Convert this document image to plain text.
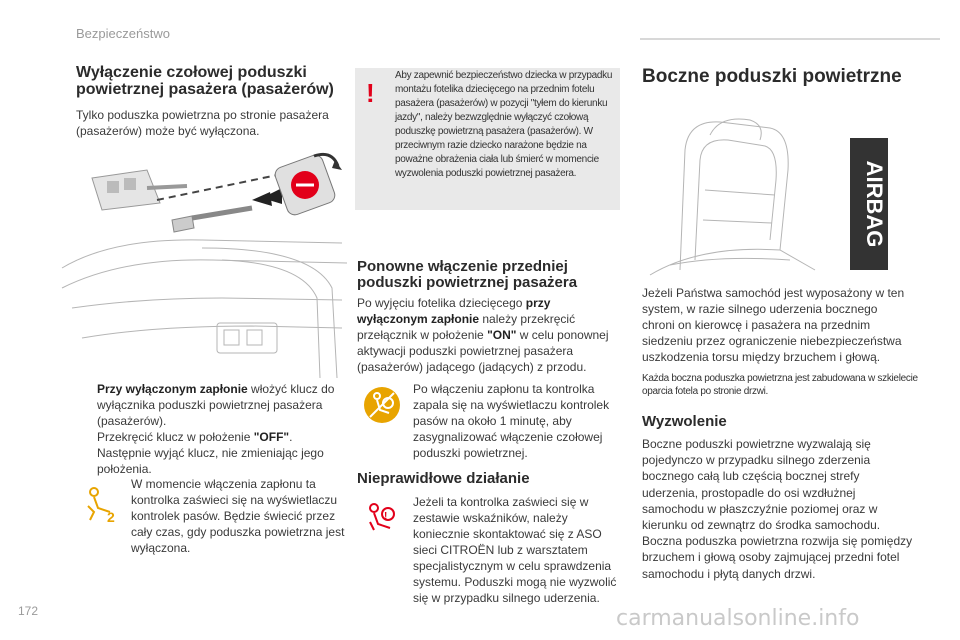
Bezpieczeństwo
Wyłączenie czołowej poduszki powietrznej pasażera (pasażerów)

Tylko poduszka powietrzna po stronie pasażera (pasażerów) może być wyłączona.

Przy wyłączonym zapłonie włożyć klucz do wyłącznika poduszki powietrznej pasażera (pasażerów).
Przekręcić klucz w położenie "OFF".
Następnie wyjąć klucz, nie zmieniając jego położenia.
2

W momencie włączenia zapłonu ta kontrolka zaświeci się na wyświetlaczu kontrolek pasów. Będzie świecić przez cały czas, gdy poduszka powietrzna jest wyłączona.

!
Aby zapewnić bezpieczeństwo dziecka w przypadku montażu fotelika dziecięcego na przednim fotelu pasażera (pasażerów) w pozycji "tyłem do kierunku jazdy", należy bezwzględnie wyłączyć czołową poduszkę powietrzną pasażera (pasażerów). W przeciwnym razie dziecko narażone będzie na poważne obrażenia ciała lub śmierć w momencie wyzwolenia poduszki powietrznej pasażera.
Ponowne włączenie przedniej poduszki powietrznej pasażera

Po wyjęciu fotelika dziecięcego przy wyłączonym zapłonie należy przekręcić przełącznik w położenie "ON" w celu ponownej aktywacji poduszki powietrznej pasażera (pasażerów) jadącego (jadących) z przodu.

Po włączeniu zapłonu ta kontrolka zapala się na wyświetlaczu kontrolek pasów na około 1 minutę, aby zasygnalizować włączenie czołowej poduszki powietrznej.

Nieprawidłowe działanie
!

Jeżeli ta kontrolka zaświeci się w zestawie wskaźników, należy koniecznie skontaktować się z ASO sieci CITROËN lub z warsztatem specjalistycznym w celu sprawdzenia systemu. Poduszki mogą nie wyzwolić się w przypadku silnego uderzenia.

Boczne poduszki powietrzne
AIRBAG

Jeżeli Państwa samochód jest wyposażony w ten system, w razie silnego uderzenia bocznego chroni on kierowcę i pasażera na przednim siedzeniu przez ograniczenie niebezpieczeństwa uszkodzenia torsu między brzuchem i głową.

Każda boczna poduszka powietrzna jest zabudowana w szkielecie oparcia fotela po stronie drzwi.
Wyzwolenie

Boczne poduszki powietrzne wyzwalają się pojedynczo w przypadku silnego zderzenia bocznego całą lub częścią bocznej strefy uderzenia, prostopadle do osi wzdłużnej samochodu w płaszczyźnie poziomej oraz w kierunku od zewnątrz do środka samochodu. Boczna poduszka powietrzna rozwija się pomiędzy brzuchem i głową osoby zajmującej przedni fotel samochodu i płytą danych drzwi.

172	carmanualsonline.info
